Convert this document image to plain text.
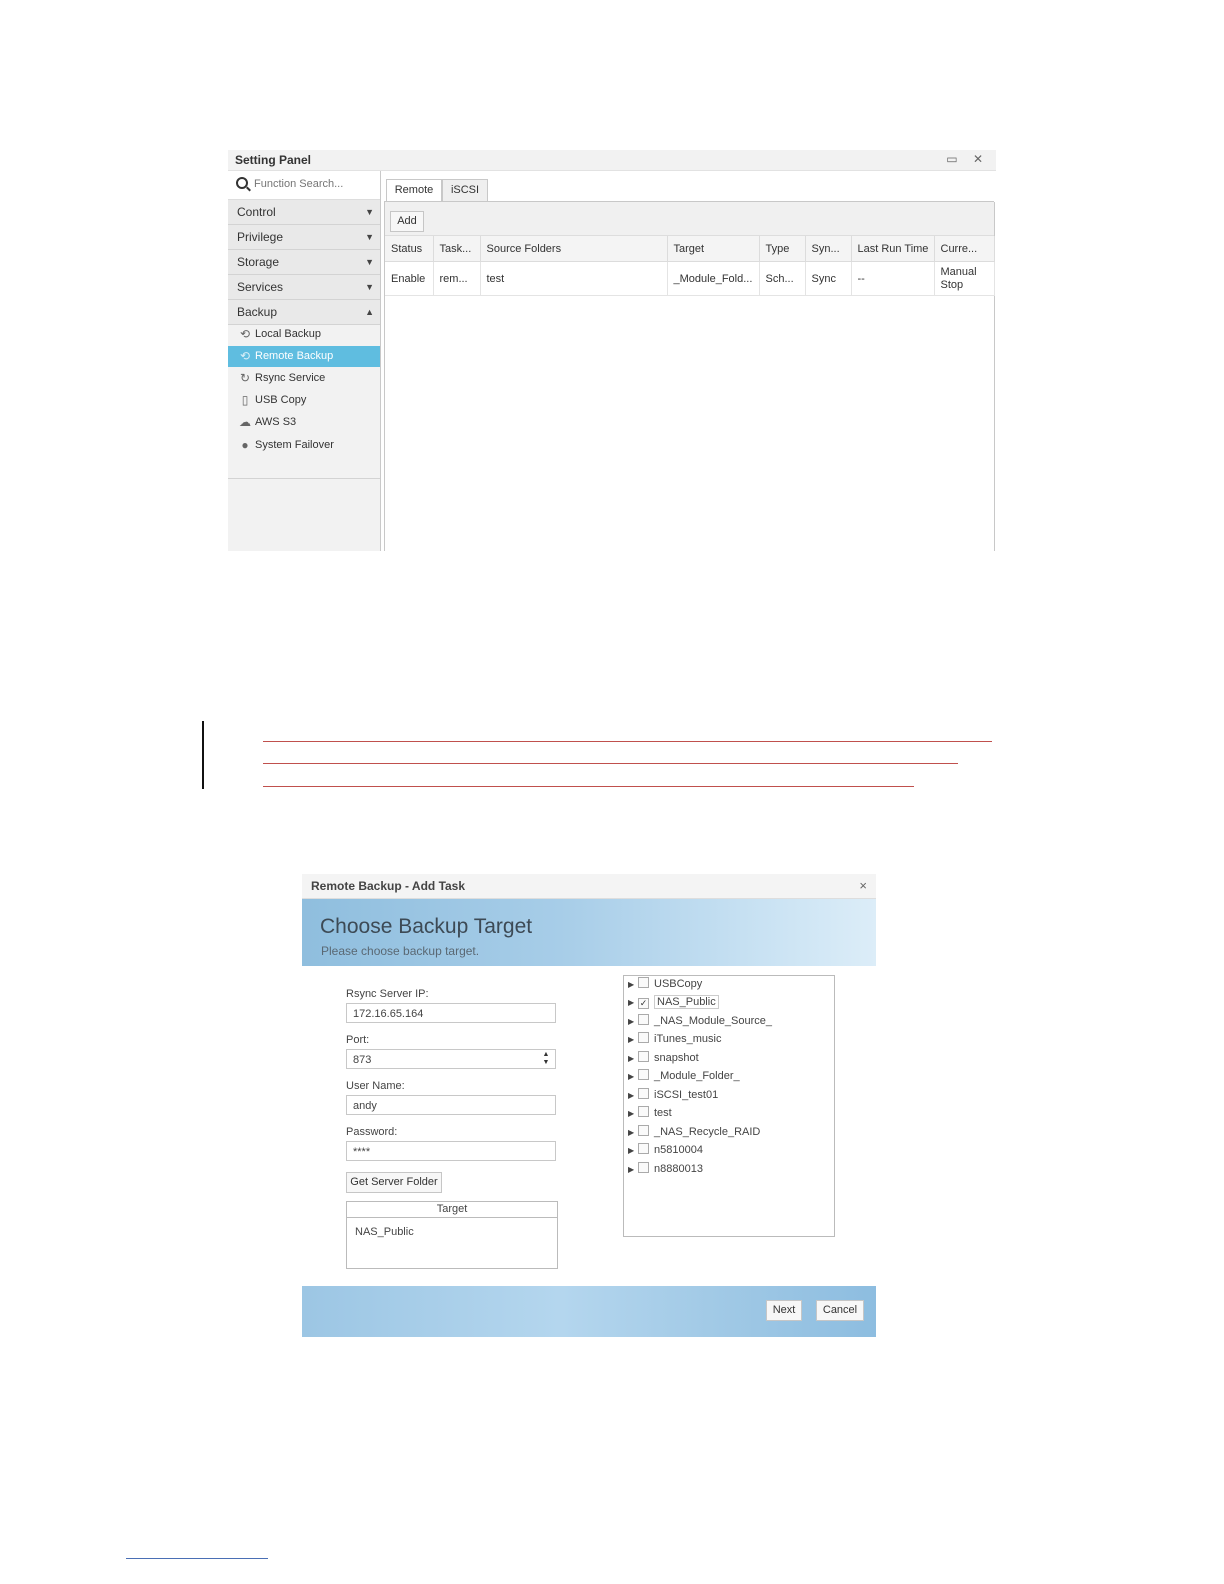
Setting Panel	▭ ✕
Function Search...
Control	▼
Privilege	▼
Storage	▼
Services	▼
Backup	▲
⟲ Local Backup
⟲ Remote Backup
↻ Rsync Service
▯ USB Copy
☁ AWS S3
● System Failover
Remote	iSCSI
Add
Status	Task...	Source Folders	Target	Type	Syn...	Last Run Time	Curre...
Enable	rem...	test	_Module_Fold...	Sch...	Sync	--	Manual Stop
Remote Backup - Add Task	×
Choose Backup Target
Please choose backup target.
Rsync Server IP:
172.16.65.164
Port:
873	▲
▼
User Name:
andy
Password:
****
Get Server Folder
Target
NAS_Public
▶ USBCopy
▶ ✓ NAS_Public
▶ _NAS_Module_Source_
▶ iTunes_music
▶ snapshot
▶ _Module_Folder_
▶ iSCSI_test01
▶ test
▶ _NAS_Recycle_RAID
▶ n5810004
▶ n8880013
Next	Cancel
